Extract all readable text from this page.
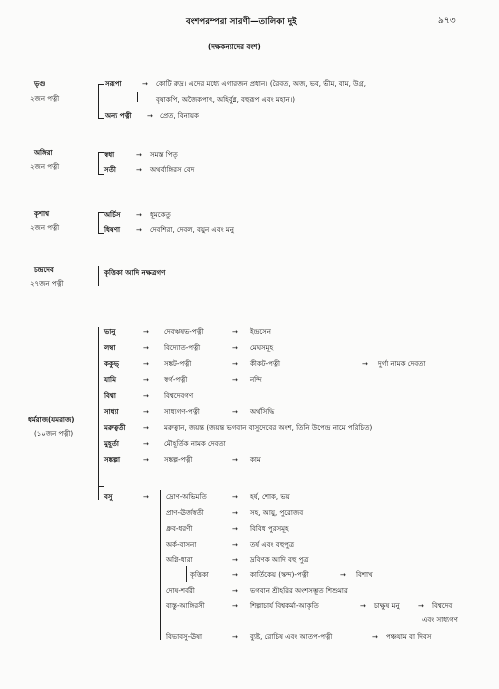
বংশপরম্পরা সারণী—তালিকা দুই	৯৭৩
(দক্ষকন্যাদের বংশ)
ভৃগু
২জন পত্নী
সরূপা	→ কোটি রুদ্র। এদের মধ্যে এগারজন প্রধান। (রৈবত, অজ, ভব, ভীম, বাম, উগ্র,
বৃষাকপি, অজৈকপাৎ, অহির্বুধ্ন, বহুরূপ এবং মহান।)
অন্য পত্নী → প্রেত, বিনায়ক
অঙ্গিরা
২জন পত্নী
স্বধা	→ সমস্ত পিতৃ
সতী	→ অথর্বাঙ্গিরস বেদ
কৃশাশ্ব
২জন পত্নী
অর্চিস → ধূমকেতু
ধিষণা → দেবশিরা, দেবল, বয়ুন এবং মনু
চন্দ্রদেব
২৭জন পত্নী
কৃত্তিকা আদি নক্ষত্রগণ
ধর্মরাজ(যমরাজ)
(১০জন পত্নী)
ভানু	→ দেবঋষভ-পত্নী	→ ইন্দ্রসেন
লম্বা	→ বিদ্যোত-পত্নী	→ মেঘসমূহ
ককুভ্	→ সঙ্কট-পত্নী	→ কীকট-পত্নী	→ দুর্গা নামক দেবতা
যামি	→ স্বর্গ-পত্নী	→ নন্দি
বিশ্বা	→ বিশ্বদেবগণ
সাধ্যা	→ সাধ্যগণ-পত্নী	→ অর্থসিদ্ধি
মরুত্বতী	→ মরুত্বান, জয়ন্ত (জয়ন্ত ভগবান বাসুদেবের অংশ, তিনি উপেন্দ্র নামে পরিচিত)
মুহূর্তা	→ মৌহূর্তিক নামক দেবতা
সঙ্কল্পা	→ সঙ্কল্প-পত্নী	→ কাম
বসু	→ দ্রোণ-অভিমতি	→ হর্ষ, শোক, ভয়
প্রাণ-ঊর্জস্বতী	→ সহ, আয়ু, পুরোজব
ধ্রুব-ধরণী	→ বিবিধ পুরসমূহ
অর্ক-বাসনা	→ তর্ষ এবং বহুপুত্র
অগ্নি-ধারা	→ দ্রবিণক আদি বহু পুত্র
কৃত্তিকা	→ কার্তিকেয় (স্কন্দ)-পত্নী	→ বিশাখ
দোষ-শর্বরী	→ ভগবান শ্রীহরির অংশসম্ভূত শিশুমার
বাস্তু-আঙ্গিরসী	→ শিল্পাচার্য বিশ্বকর্মা-আকৃতি	→ চাক্ষুষ মনু	→ বিশ্বদেব
এবং সাধ্যগণ
বিভাবসু-ঊষা	→ ব্যুষ্ট, রোচিষ এবং আতপ-পত্নী	→ পঞ্চযাম বা দিবস
